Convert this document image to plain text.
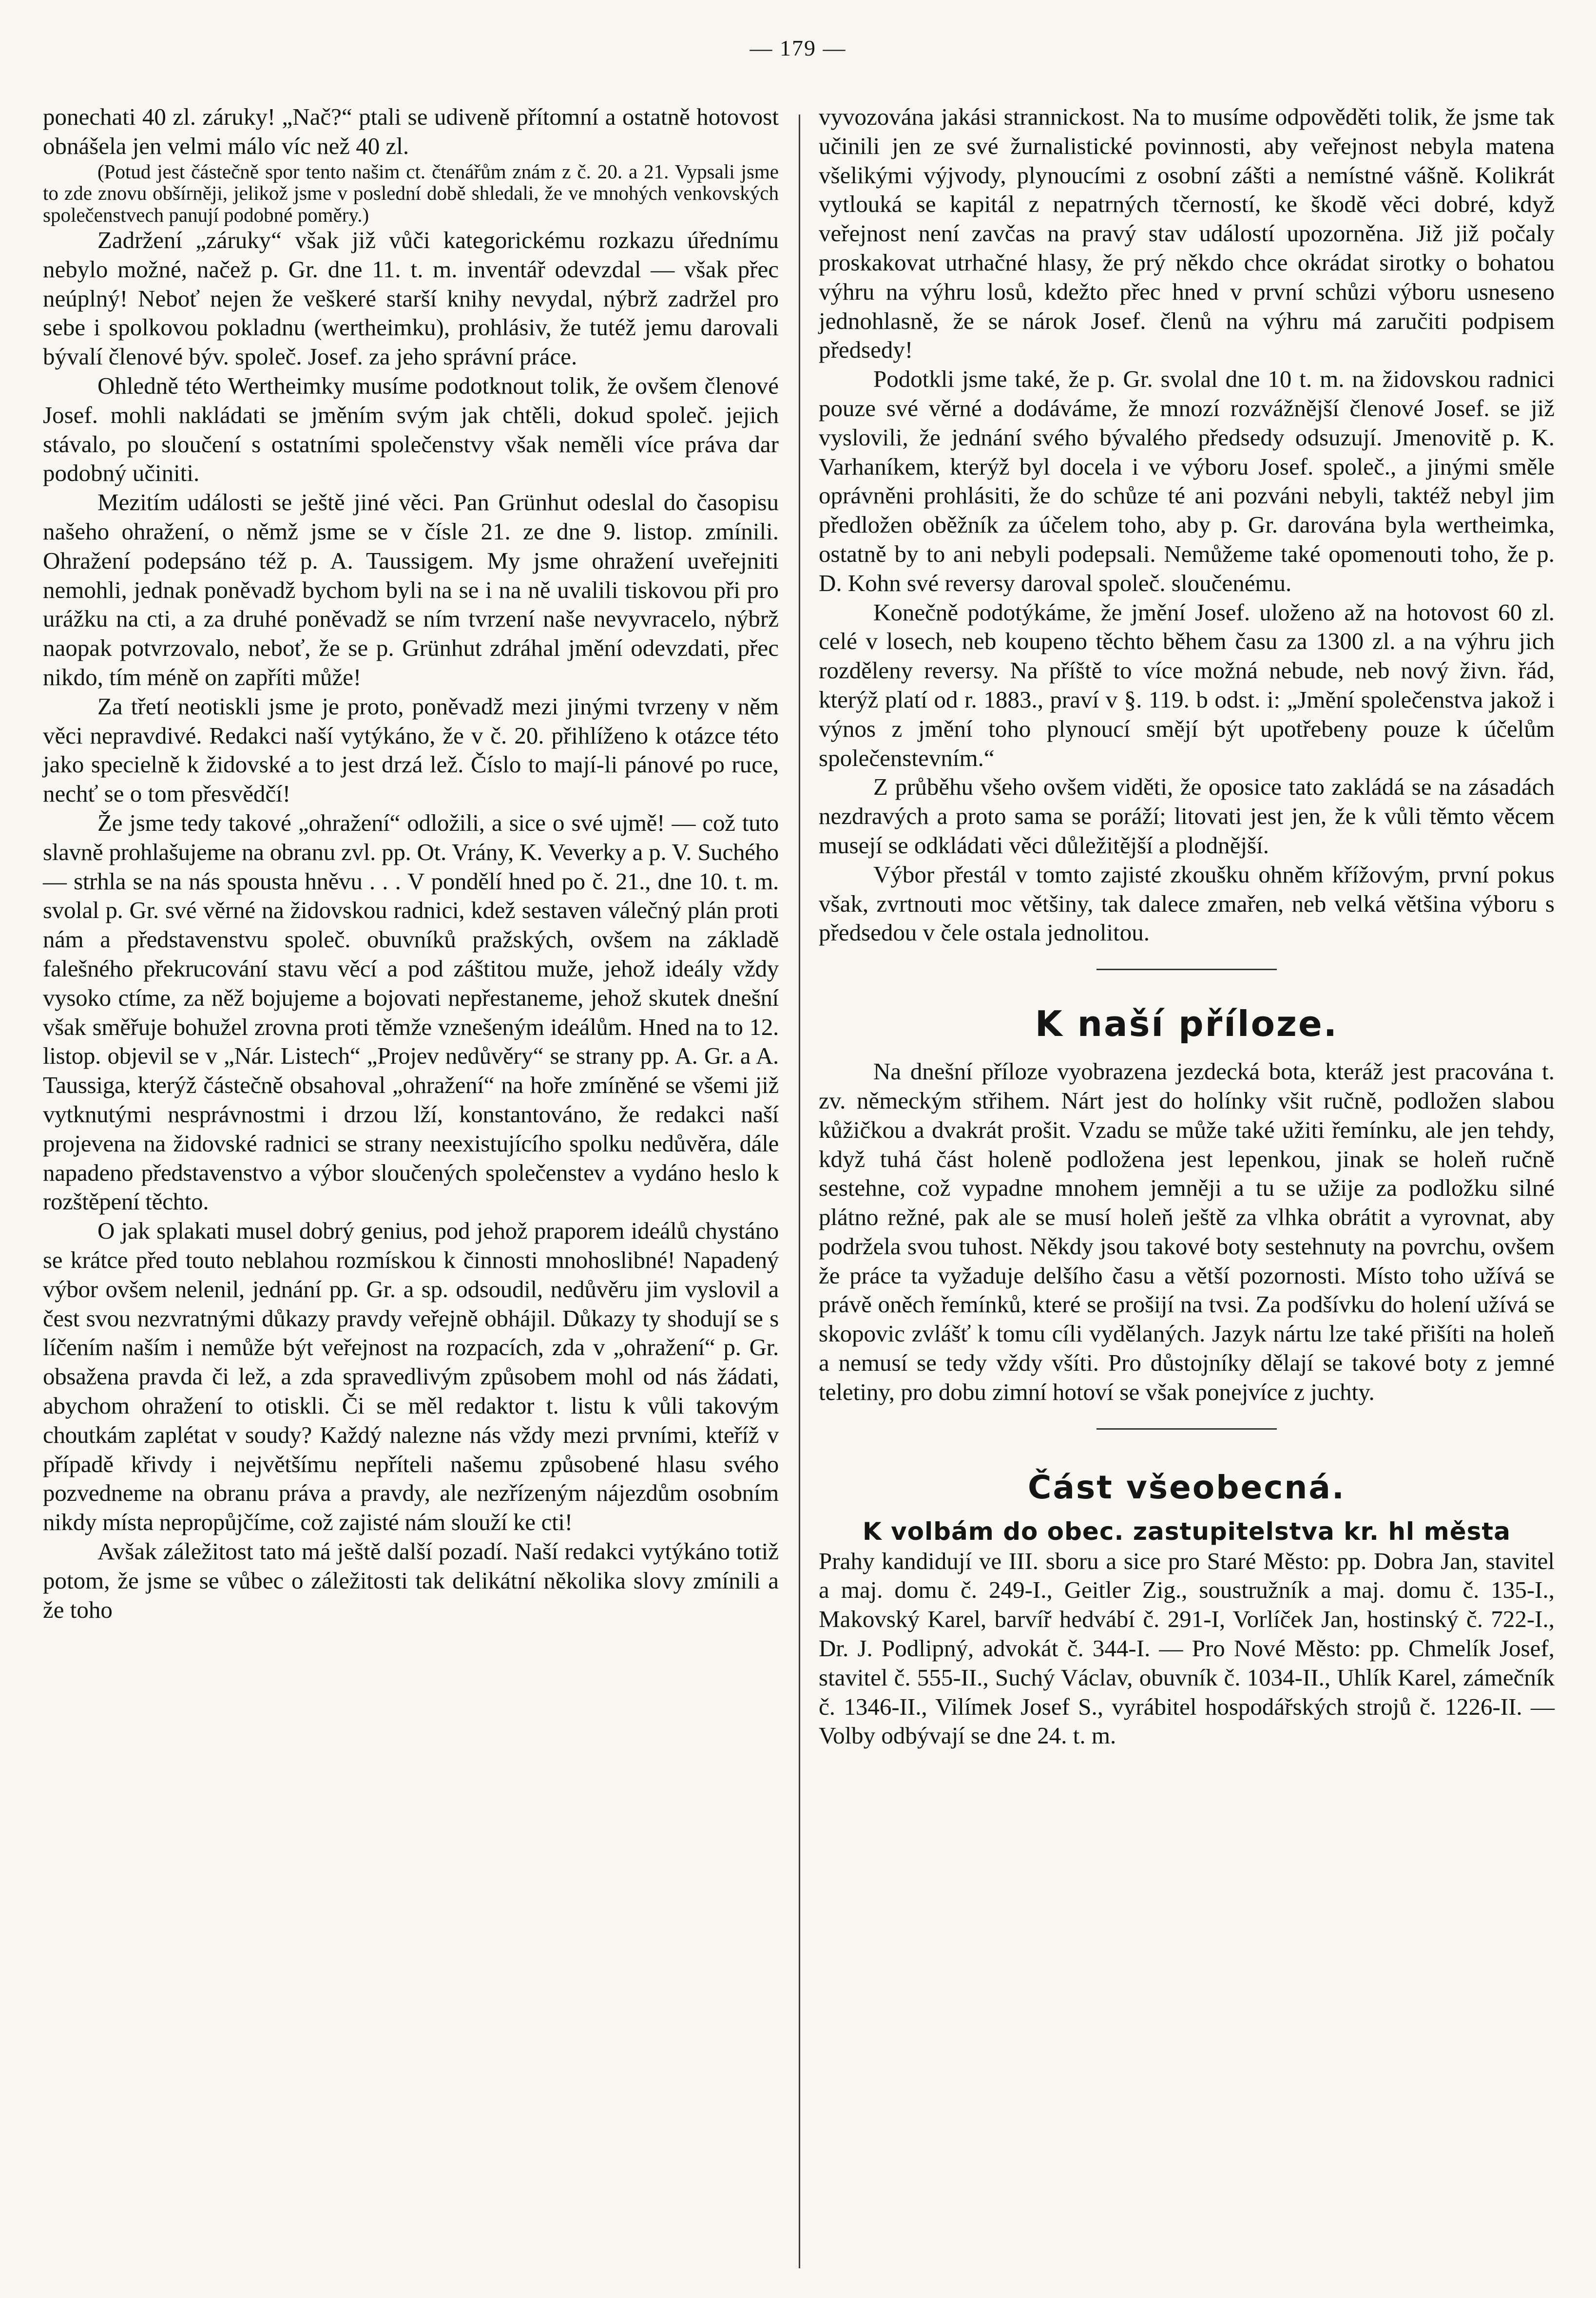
— 179 —

ponechati 40 zl. záruky! „Nač?“ ptali se udiveně přítomní a ostatně hotovost obnášela jen velmi málo víc než 40 zl.

(Potud jest částečně spor tento našim ct. čtenářům znám z č. 20. a 21. Vypsali jsme to zde znovu obšírněji, jelikož jsme v poslední době shledali, že ve mnohých venkovských společenstvech panují podobné poměry.)

Zadržení „záruky“ však již vůči kategorickému rozkazu úřednímu nebylo možné, načež p. Gr. dne 11. t. m. inventář odevzdal — však přec neúplný! Neboť nejen že veškeré starší knihy nevydal, nýbrž zadržel pro sebe i spolkovou pokladnu (wertheimku), prohlásiv, že tutéž jemu darovali bývalí členové býv. společ. Josef. za jeho správní práce.

Ohledně této Wertheimky musíme podotknout tolik, že ovšem členové Josef. mohli nakládati se jměním svým jak chtěli, dokud společ. jejich stávalo, po sloučení s ostatními společenstvy však neměli více práva dar podobný učiniti.

Mezitím události se ještě jiné věci. Pan Grünhut odeslal do časopisu našeho ohražení, o němž jsme se v čísle 21. ze dne 9. listop. zmínili. Ohražení podepsáno též p. A. Taussigem. My jsme ohražení uveřejniti nemohli, jednak poněvadž bychom byli na se i na ně uvalili tiskovou při pro urážku na cti, a za druhé poněvadž se ním tvrzení naše nevyvracelo, nýbrž naopak potvrzovalo, neboť, že se p. Grünhut zdráhal jmění odevzdati, přec nikdo, tím méně on zapříti může!

Za třetí neotiskli jsme je proto, poněvadž mezi jinými tvrzeny v něm věci nepravdivé. Redakci naší vytýkáno, že v č. 20. přihlíženo k otázce této jako specielně k židovské a to jest drzá lež. Číslo to mají-li pánové po ruce, nechť se o tom přesvědčí!

Že jsme tedy takové „ohražení“ odložili, a sice o své ujmě! — což tuto slavně prohlašujeme na obranu zvl. pp. Ot. Vrány, K. Veverky a p. V. Suchého — strhla se na nás spousta hněvu . . . V pondělí hned po č. 21., dne 10. t. m. svolal p. Gr. své věrné na židovskou radnici, kdež sestaven válečný plán proti nám a představenstvu společ. obuvníků pražských, ovšem na základě falešného překrucování stavu věcí a pod záštitou muže, jehož ideály vždy vysoko ctíme, za něž bojujeme a bojovati nepřestaneme, jehož skutek dnešní však směřuje bohužel zrovna proti těmže vznešeným ideálům. Hned na to 12. listop. objevil se v „Nár. Listech“ „Projev nedůvěry“ se strany pp. A. Gr. a A. Taussiga, kterýž částečně obsahoval „ohražení“ na hoře zmíněné se všemi již vytknutými nesprávnostmi i drzou lží, konstantováno, že redakci naší projevena na židovské radnici se strany neexistujícího spolku nedůvěra, dále napadeno představenstvo a výbor sloučených společenstev a vydáno heslo k rozštěpení těchto.

O jak splakati musel dobrý genius, pod jehož praporem ideálů chystáno se krátce před touto neblahou rozmískou k činnosti mnohoslibné! Napadený výbor ovšem nelenil, jednání pp. Gr. a sp. odsoudil, nedůvěru jim vyslovil a čest svou nezvratnými důkazy pravdy veřejně obhájil. Důkazy ty shodují se s líčením naším i nemůže být veřejnost na rozpacích, zda v „ohražení“ p. Gr. obsažena pravda či lež, a zda spravedlivým způsobem mohl od nás žádati, abychom ohražení to otiskli. Či se měl redaktor t. listu k vůli takovým choutkám zaplétat v soudy? Každý nalezne nás vždy mezi prvními, kteříž v případě křivdy i největšímu nepříteli našemu způsobené hlasu svého pozvedneme na obranu práva a pravdy, ale nezřízeným nájezdům osobním nikdy místa nepropůjčíme, což zajisté nám slouží ke cti!

Avšak záležitost tato má ještě další pozadí. Naší redakci vytýkáno totiž potom, že jsme se vůbec o záležitosti tak delikátní několika slovy zmínili a že toho

vyvozována jakási strannickost. Na to musíme odpověděti tolik, že jsme tak učinili jen ze své žurnalistické povinnosti, aby veřejnost nebyla matena všelikými výjvody, plynoucími z osobní zášti a nemístné vášně. Kolikrát vytlouká se kapitál z nepatrných tčerností, ke škodě věci dobré, když veřejnost není zavčas na pravý stav událostí upozorněna. Již již počaly proskakovat utrhačné hlasy, že prý někdo chce okrádat sirotky o bohatou výhru na výhru losů, kdežto přec hned v první schůzi výboru usneseno jednohlasně, že se nárok Josef. členů na výhru má zaručiti podpisem předsedy!

Podotkli jsme také, že p. Gr. svolal dne 10 t. m. na židovskou radnici pouze své věrné a dodáváme, že mnozí rozvážnější členové Josef. se již vyslovili, že jednání svého bývalého předsedy odsuzují. Jmenovitě p. K. Varhaníkem, kterýž byl docela i ve výboru Josef. společ., a jinými směle oprávněni prohlásiti, že do schůze té ani pozváni nebyli, taktéž nebyl jim předložen oběžník za účelem toho, aby p. Gr. darována byla wertheimka, ostatně by to ani nebyli podepsali. Nemůžeme také opomenouti toho, že p. D. Kohn své reversy daroval společ. sloučenému.

Konečně podotýkáme, že jmění Josef. uloženo až na hotovost 60 zl. celé v losech, neb koupeno těchto během času za 1300 zl. a na výhru jich rozděleny reversy. Na příště to více možná nebude, neb nový živn. řád, kterýž platí od r. 1883., praví v §. 119. b odst. i: „Jmění společenstva jakož i výnos z jmění toho plynoucí smějí být upotřebeny pouze k účelům společenstevním.“

Z průběhu všeho ovšem viděti, že oposice tato zakládá se na zásadách nezdravých a proto sama se poráží; litovati jest jen, že k vůli těmto věcem musejí se odkládati věci důležitější a plodnější.

Výbor přestál v tomto zajisté zkoušku ohněm křížovým, první pokus však, zvrtnouti moc většiny, tak dalece zmařen, neb velká většina výboru s předsedou v čele ostala jednolitou.

K naší příloze.

Na dnešní příloze vyobrazena jezdecká bota, kteráž jest pracována t. zv. německým střihem. Nárt jest do holínky všit ručně, podložen slabou kůžičkou a dvakrát prošit. Vzadu se může také užiti řemínku, ale jen tehdy, když tuhá část holeně podložena jest lepenkou, jinak se holeň ručně sestehne, což vypadne mnohem jemněji a tu se užije za podložku silné plátno režné, pak ale se musí holeň ještě za vlhka obrátit a vyrovnat, aby podržela svou tuhost. Někdy jsou takové boty sestehnuty na povrchu, ovšem že práce ta vyžaduje delšího času a větší pozornosti. Místo toho užívá se právě oněch řemínků, které se prošijí na tvsi. Za podšívku do holení užívá se skopovic zvlášť k tomu cíli vydělaných. Jazyk nártu lze také přišíti na holeň a nemusí se tedy vždy všíti. Pro důstojníky dělají se takové boty z jemné teletiny, pro dobu zimní hotoví se však ponejvíce z juchty.

Část všeobecná.
K volbám do obec. zastupitelstva kr. hl města

Prahy kandidují ve III. sboru a sice pro Staré Město: pp. Dobra Jan, stavitel a maj. domu č. 249-I., Geitler Zig., soustružník a maj. domu č. 135-I., Makovský Karel, barvíř hedvábí č. 291-I, Vorlíček Jan, hostinský č. 722-I., Dr. J. Podlipný, advokát č. 344-I. — Pro Nové Město: pp. Chmelík Josef, stavitel č. 555-II., Suchý Václav, obuvník č. 1034-II., Uhlík Karel, zámečník č. 1346-II., Vilímek Josef S., vyrábitel hospodářských strojů č. 1226-II. — Volby odbývají se dne 24. t. m.
